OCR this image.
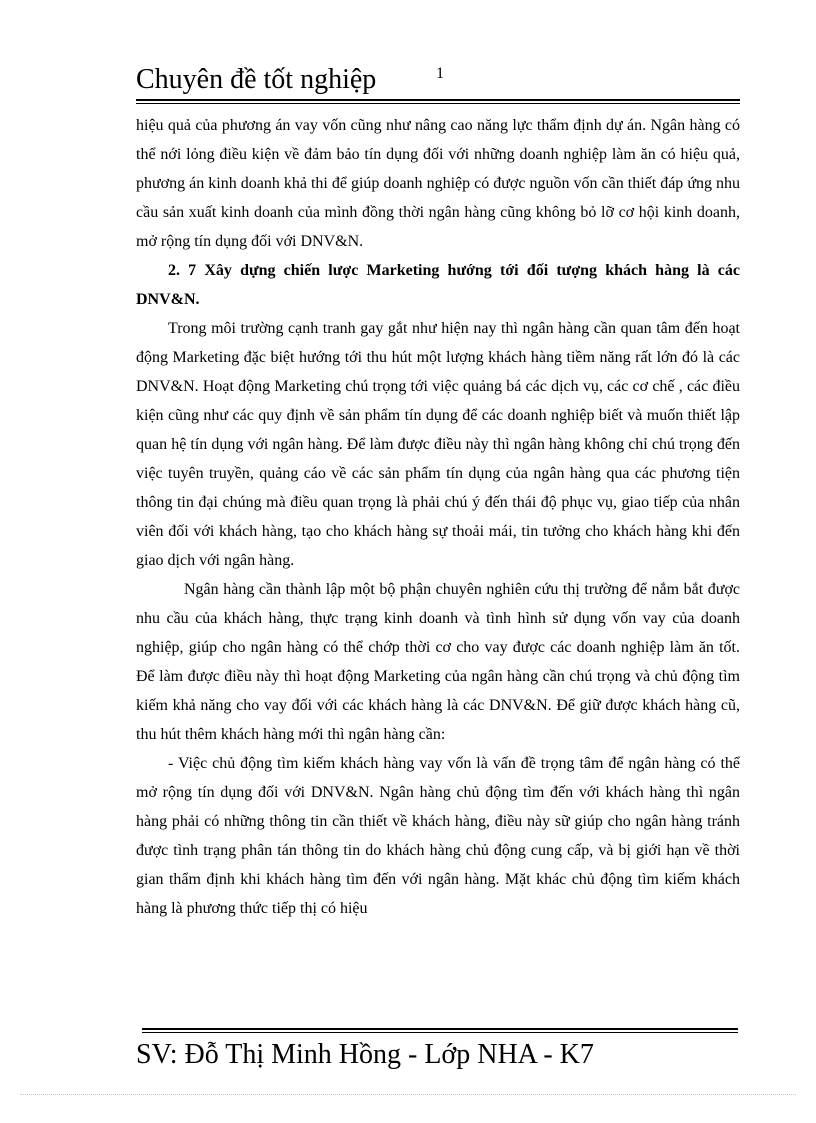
Chuyên đề tốt nghiệp	1

hiệu quả của phương án vay vốn cũng như nâng cao năng lực thẩm định dự án. Ngân hàng có thể nới lỏng điều kiện về đảm bảo tín dụng đối với những doanh nghiệp làm ăn có hiệu quả, phương án kinh doanh khả thi để giúp doanh nghiệp có được nguồn vốn cần thiết đáp ứng nhu cầu sản xuất kinh doanh của mình đồng thời ngân hàng cũng không bỏ lỡ cơ hội kinh doanh, mở rộng tín dụng đối với DNV&N.

2. 7 Xây dựng chiến lược Marketing hướng tới đối tượng khách hàng là các DNV&N.

Trong môi trường cạnh tranh gay gắt như hiện nay thì ngân hàng cần quan tâm đến hoạt động Marketing đặc biệt hướng tới thu hút một lượng khách hàng tiềm năng rất lớn đó là các DNV&N. Hoạt động Marketing chú trọng tới việc quảng bá các dịch vụ, các cơ chế , các điều kiện cũng như các quy định về sản phẩm tín dụng để các doanh nghiệp biết và muốn thiết lập quan hệ tín dụng với ngân hàng. Để làm được điều này thì ngân hàng không chỉ chú trọng đến việc tuyên truyền, quảng cáo về các sản phẩm tín dụng của ngân hàng qua các phương tiện thông tin đại chúng mà điều quan trọng là phải chú ý đến thái độ phục vụ, giao tiếp của nhân viên đối với khách hàng, tạo cho khách hàng sự thoải mái, tin tưởng cho khách hàng khi đến giao dịch với ngân hàng.

Ngân hàng cần thành lập một bộ phận chuyên nghiên cứu thị trường để nắm bắt được nhu cầu của khách hàng, thực trạng kinh doanh và tình hình sử dụng vốn vay của doanh nghiệp, giúp cho ngân hàng có thể chớp thời cơ cho vay được các doanh nghiệp làm ăn tốt. Để làm được điều này thì hoạt động Marketing của ngân hàng cần chú trọng và chủ động tìm kiếm khả năng cho vay đối với các khách hàng là các DNV&N. Để giữ được khách hàng cũ, thu hút thêm khách hàng mới thì ngân hàng cần:

- Việc chủ động tìm kiếm khách hàng vay vốn là vấn đề trọng tâm để ngân hàng có thể mở rộng tín dụng đối với DNV&N. Ngân hàng chủ động tìm đến với khách hàng thì ngân hàng phải có những thông tin cần thiết về khách hàng, điều này sữ giúp cho ngân hàng tránh được tình trạng phân tán thông tin do khách hàng chủ động cung cấp, và bị giới hạn về thời gian thẩm định khi khách hàng tìm đến với ngân hàng. Mặt khác chủ động tìm kiếm khách hàng là phương thức tiếp thị có hiệu

SV: Đỗ Thị Minh Hồng - Lớp NHA - K7
